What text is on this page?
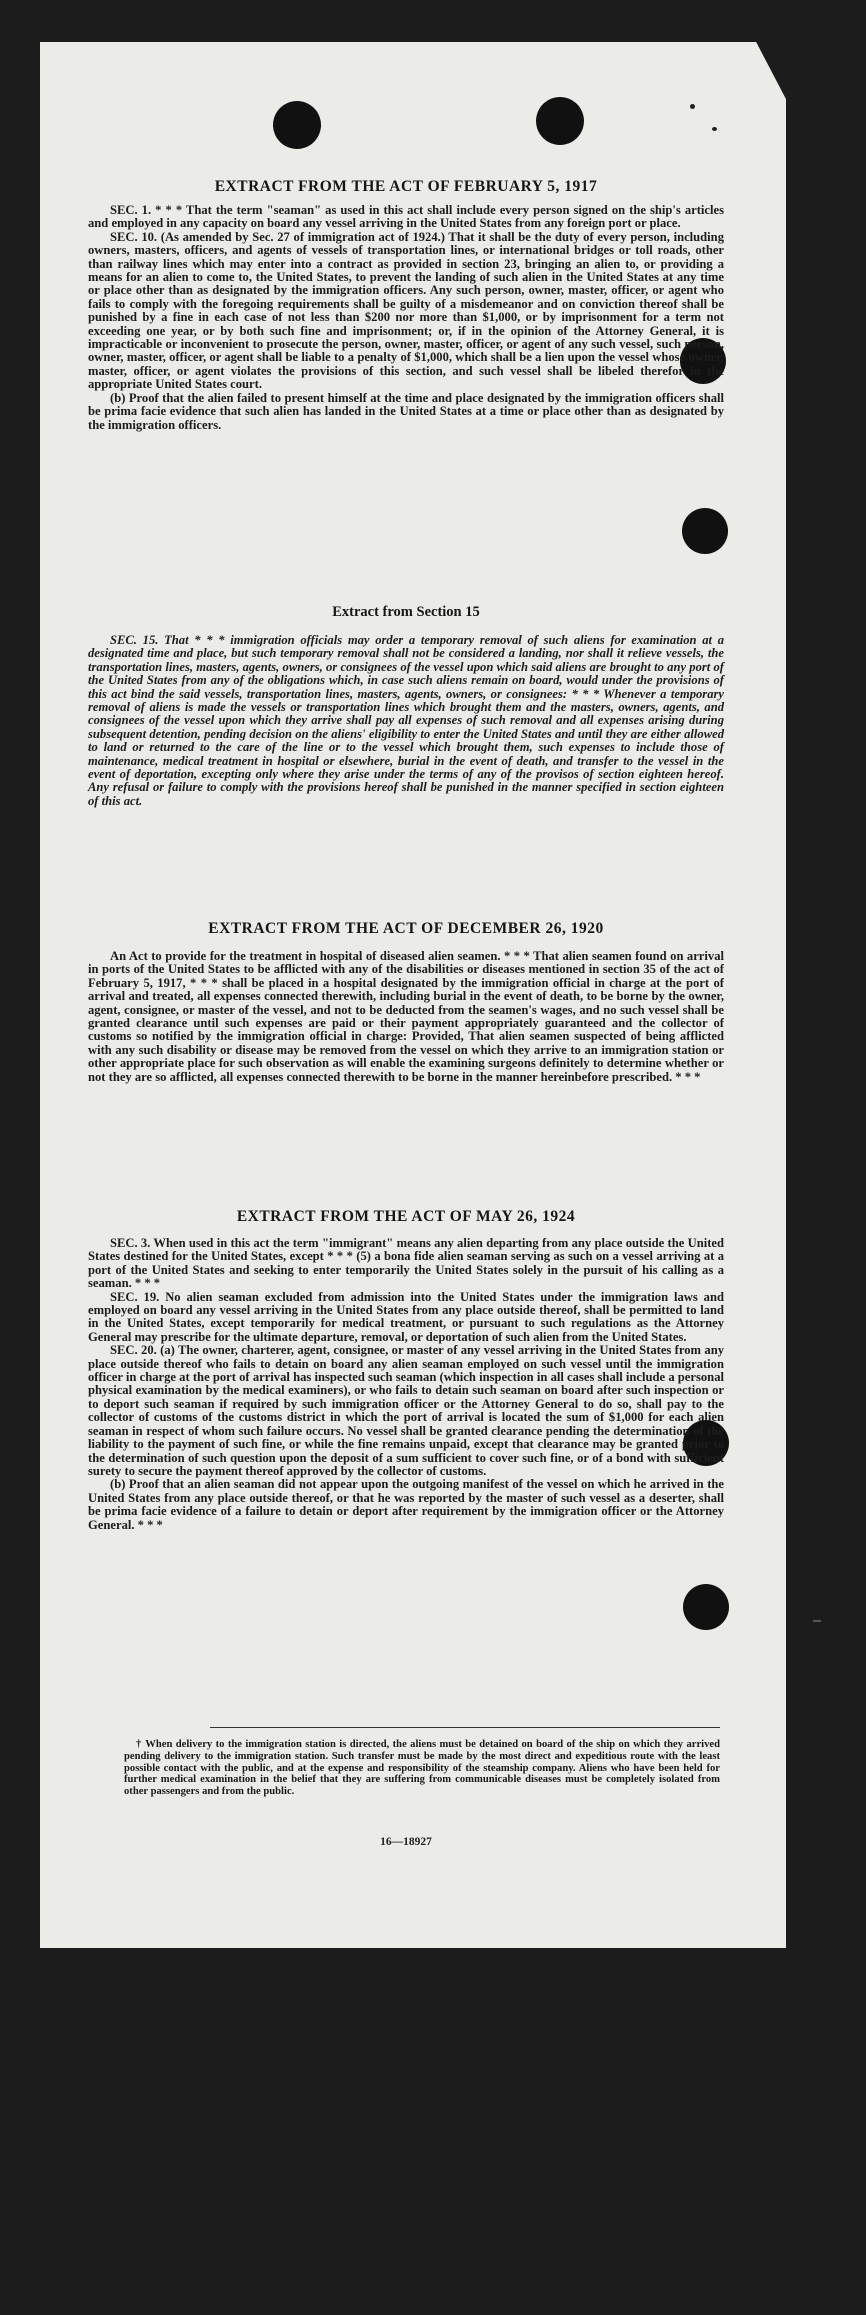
EXTRACT FROM THE ACT OF FEBRUARY 5, 1917

SEC. 1. * * * That the term "seaman" as used in this act shall include every person signed on the ship's articles and employed in any capacity on board any vessel arriving in the United States from any foreign port or place.

SEC. 10. (As amended by Sec. 27 of immigration act of 1924.) That it shall be the duty of every person, including owners, masters, officers, and agents of vessels of transportation lines, or international bridges or toll roads, other than railway lines which may enter into a contract as provided in section 23, bringing an alien to, or providing a means for an alien to come to, the United States, to prevent the landing of such alien in the United States at any time or place other than as designated by the immigration officers. Any such person, owner, master, officer, or agent who fails to comply with the foregoing requirements shall be guilty of a misdemeanor and on conviction thereof shall be punished by a fine in each case of not less than $200 nor more than $1,000, or by imprisonment for a term not exceeding one year, or by both such fine and imprisonment; or, if in the opinion of the Attorney General, it is impracticable or inconvenient to prosecute the person, owner, master, officer, or agent of any such vessel, such person, owner, master, officer, or agent shall be liable to a penalty of $1,000, which shall be a lien upon the vessel whose owner, master, officer, or agent violates the provisions of this section, and such vessel shall be libeled therefor in the appropriate United States court.

(b) Proof that the alien failed to present himself at the time and place designated by the immigration officers shall be prima facie evidence that such alien has landed in the United States at a time or place other than as designated by the immigration officers.

Extract from Section 15

SEC. 15. That * * * immigration officials may order a temporary removal of such aliens for examination at a designated time and place, but such temporary removal shall not be considered a landing, nor shall it relieve vessels, the transportation lines, masters, agents, owners, or consignees of the vessel upon which said aliens are brought to any port of the United States from any of the obligations which, in case such aliens remain on board, would under the provisions of this act bind the said vessels, transportation lines, masters, agents, owners, or consignees: * * * Whenever a temporary removal of aliens is made the vessels or transportation lines which brought them and the masters, owners, agents, and consignees of the vessel upon which they arrive shall pay all expenses of such removal and all expenses arising during subsequent detention, pending decision on the aliens' eligibility to enter the United States and until they are either allowed to land or returned to the care of the line or to the vessel which brought them, such expenses to include those of maintenance, medical treatment in hospital or elsewhere, burial in the event of death, and transfer to the vessel in the event of deportation, excepting only where they arise under the terms of any of the provisos of section eighteen hereof. Any refusal or failure to comply with the provisions hereof shall be punished in the manner specified in section eighteen of this act.

EXTRACT FROM THE ACT OF DECEMBER 26, 1920

An Act to provide for the treatment in hospital of diseased alien seamen. * * * That alien seamen found on arrival in ports of the United States to be afflicted with any of the disabilities or diseases mentioned in section 35 of the act of February 5, 1917, * * * shall be placed in a hospital designated by the immigration official in charge at the port of arrival and treated, all expenses connected therewith, including burial in the event of death, to be borne by the owner, agent, consignee, or master of the vessel, and not to be deducted from the seamen's wages, and no such vessel shall be granted clearance until such expenses are paid or their payment appropriately guaranteed and the collector of customs so notified by the immigration official in charge: Provided, That alien seamen suspected of being afflicted with any such disability or disease may be removed from the vessel on which they arrive to an immigration station or other appropriate place for such observation as will enable the examining surgeons definitely to determine whether or not they are so afflicted, all expenses connected therewith to be borne in the manner hereinbefore prescribed. * * *

EXTRACT FROM THE ACT OF MAY 26, 1924

SEC. 3. When used in this act the term "immigrant" means any alien departing from any place outside the United States destined for the United States, except * * * (5) a bona fide alien seaman serving as such on a vessel arriving at a port of the United States and seeking to enter temporarily the United States solely in the pursuit of his calling as a seaman. * * *

SEC. 19. No alien seaman excluded from admission into the United States under the immigration laws and employed on board any vessel arriving in the United States from any place outside thereof, shall be permitted to land in the United States, except temporarily for medical treatment, or pursuant to such regulations as the Attorney General may prescribe for the ultimate departure, removal, or deportation of such alien from the United States.

SEC. 20. (a) The owner, charterer, agent, consignee, or master of any vessel arriving in the United States from any place outside thereof who fails to detain on board any alien seaman employed on such vessel until the immigration officer in charge at the port of arrival has inspected such seaman (which inspection in all cases shall include a personal physical examination by the medical examiners), or who fails to detain such seaman on board after such inspection or to deport such seaman if required by such immigration officer or the Attorney General to do so, shall pay to the collector of customs of the customs district in which the port of arrival is located the sum of $1,000 for each alien seaman in respect of whom such failure occurs. No vessel shall be granted clearance pending the determination of the liability to the payment of such fine, or while the fine remains unpaid, except that clearance may be granted prior to the determination of such question upon the deposit of a sum sufficient to cover such fine, or of a bond with sufficient surety to secure the payment thereof approved by the collector of customs.

(b) Proof that an alien seaman did not appear upon the outgoing manifest of the vessel on which he arrived in the United States from any place outside thereof, or that he was reported by the master of such vessel as a deserter, shall be prima facie evidence of a failure to detain or deport after requirement by the immigration officer or the Attorney General. * * *

† When delivery to the immigration station is directed, the aliens must be detained on board of the ship on which they arrived pending delivery to the immigration station. Such transfer must be made by the most direct and expeditious route with the least possible contact with the public, and at the expense and responsibility of the steamship company. Aliens who have been held for further medical examination in the belief that they are suffering from communicable diseases must be completely isolated from other passengers and from the public.

16—18927
